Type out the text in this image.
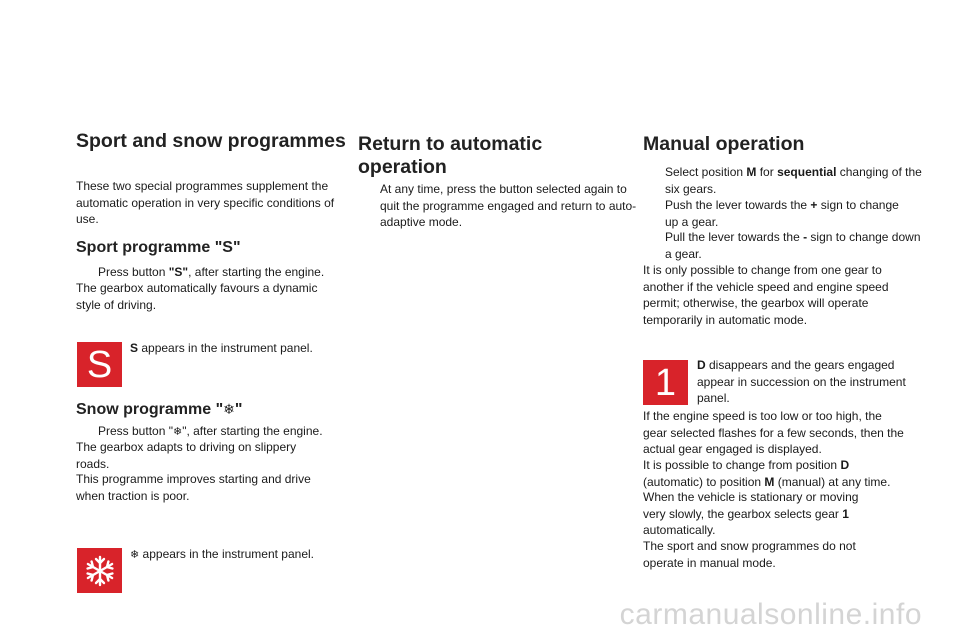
Sport and snow programmes

These two special programmes supplement the automatic operation in very specific conditions of use.

Sport programme "S"
Press button "S", after starting the engine.

The gearbox automatically favours a dynamic style of driving.

S S appears in the instrument panel.

Snow programme "❄"
Press button "❄", after starting the engine.

The gearbox adapts to driving on slippery roads.

This programme improves starting and drive when traction is poor.

❄ appears in the instrument panel.

Return to automatic
operation
At any time, press the button selected again to quit the programme engaged and return to auto-adaptive mode.
Manual operation
Select position M for sequential changing of the six gears.
Push the lever towards the + sign to change up a gear.
Pull the lever towards the - sign to change down a gear.

It is only possible to change from one gear to another if the vehicle speed and engine speed permit; otherwise, the gearbox will operate temporarily in automatic mode.

1 D disappears and the gears engaged appear in succession on the instrument panel.

If the engine speed is too low or too high, the gear selected flashes for a few seconds, then the actual gear engaged is displayed.

It is possible to change from position D (automatic) to position M (manual) at any time.

When the vehicle is stationary or moving very slowly, the gearbox selects gear 1 automatically.

The sport and snow programmes do not operate in manual mode.

carmanualsonline.info
